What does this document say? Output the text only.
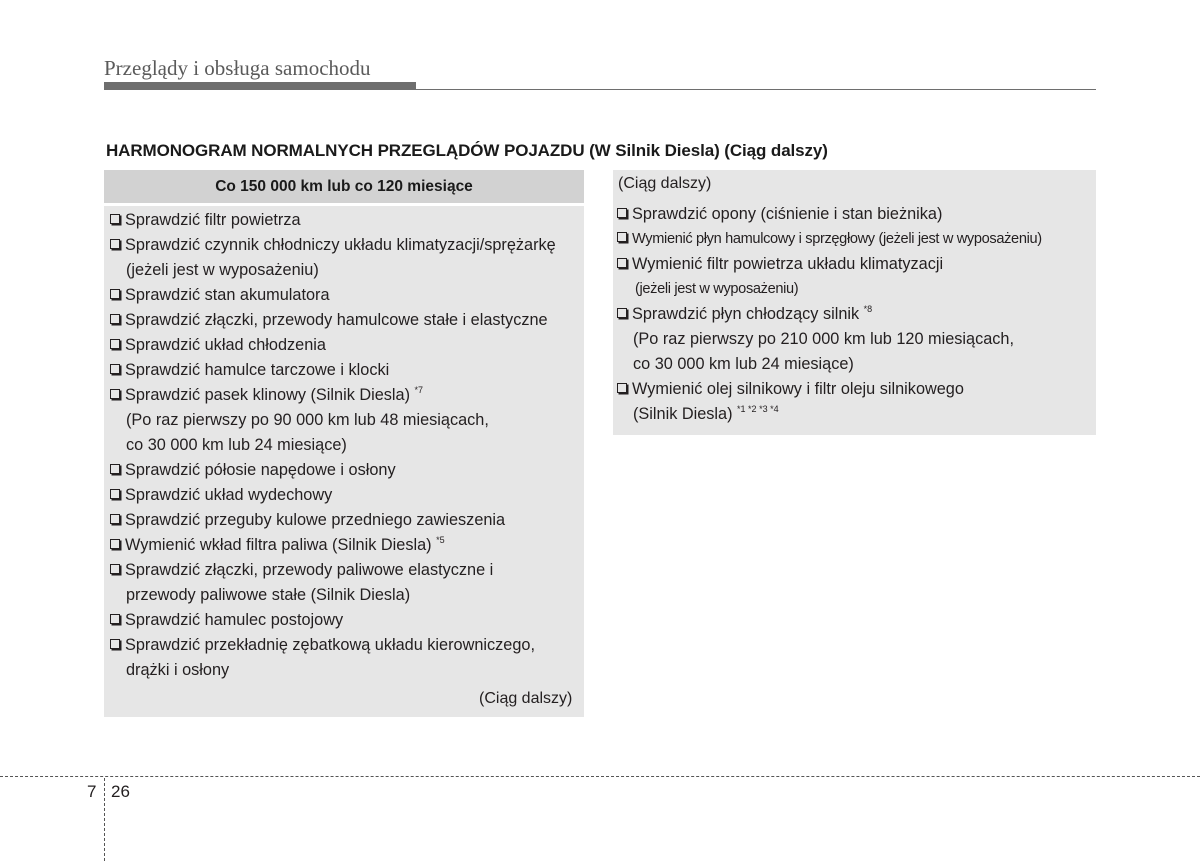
Przeglądy i obsługa samochodu
HARMONOGRAM NORMALNYCH PRZEGLĄDÓW POJAZDU (W Silnik Diesla) (Ciąg dalszy)
Co 150 000 km lub co 120 miesiące
Sprawdzić filtr powietrza
Sprawdzić czynnik chłodniczy układu klimatyzacji/sprężarkę
(jeżeli jest w wyposażeniu)
Sprawdzić stan akumulatora
Sprawdzić złączki, przewody hamulcowe stałe i elastyczne
Sprawdzić układ chłodzenia
Sprawdzić hamulce tarczowe i klocki
Sprawdzić pasek klinowy (Silnik Diesla) $^{*7}$
(Po raz pierwszy po 90 000 km lub 48 miesiącach,
co 30 000 km lub 24 miesiące)
Sprawdzić półosie napędowe i osłony
Sprawdzić układ wydechowy
Sprawdzić przeguby kulowe przedniego zawieszenia
Wymienić wkład filtra paliwa (Silnik Diesla) $^{*5}$
Sprawdzić złączki, przewody paliwowe elastyczne i
przewody paliwowe stałe (Silnik Diesla)
Sprawdzić hamulec postojowy
Sprawdzić przekładnię zębatkową układu kierowniczego,
drążki i osłony
(Ciąg dalszy)
(Ciąg dalszy)
Sprawdzić opony (ciśnienie i stan bieżnika)
Wymienić płyn hamulcowy i sprzęgłowy (jeżeli jest w wyposażeniu)
Wymienić filtr powietrza układu klimatyzacji
(jeżeli jest w wyposażeniu)
Sprawdzić płyn chłodzący silnik $^{*8}$
(Po raz pierwszy po 210 000 km lub 120 miesiącach,
co 30 000 km lub 24 miesiące)
Wymienić olej silnikowy i filtr oleju silnikowego
(Silnik Diesla) $^{*1 *2 *3 *4}$
7 26
